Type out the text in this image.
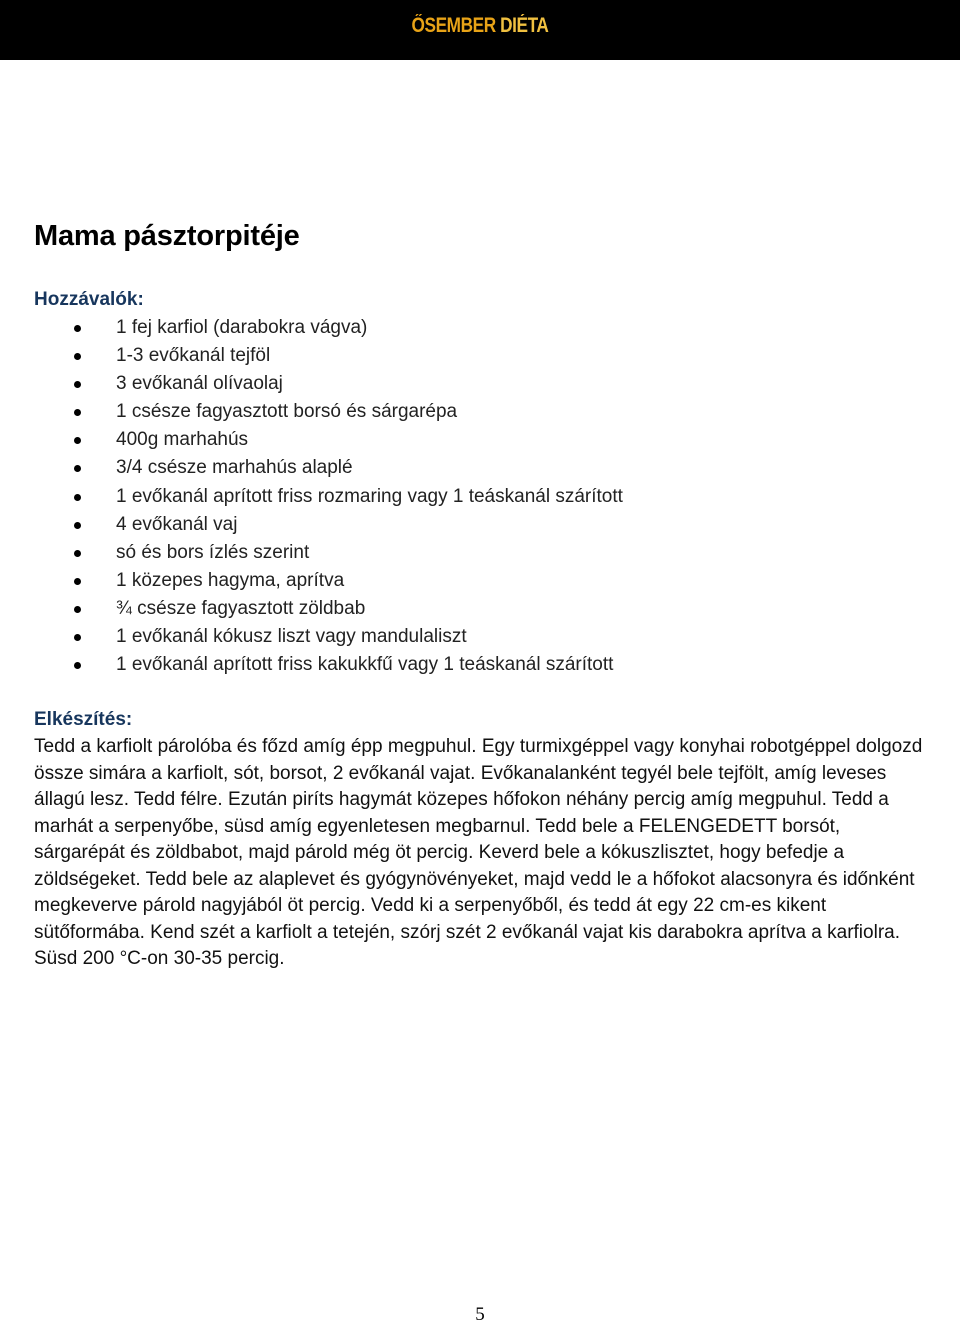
ŐSEMBER DIÉTA
Mama pásztorpitéje
Hozzávalók:
1 fej karfiol (darabokra vágva)
1-3 evőkanál tejföl
3 evőkanál olívaolaj
1 csésze fagyasztott borsó és sárgarépa
400g marhahús
3/4 csésze marhahús alaplé
1 evőkanál aprított friss rozmaring vagy 1 teáskanál szárított
4 evőkanál vaj
só és bors ízlés szerint
1 közepes hagyma, aprítva
¾ csésze fagyasztott zöldbab
1 evőkanál kókusz liszt vagy mandulaliszt
1 evőkanál aprított friss kakukkfű vagy 1 teáskanál szárított
Elkészítés:

Tedd a karfiolt párolóba és főzd amíg épp megpuhul. Egy turmixgéppel vagy konyhai robotgéppel dolgozd össze simára a karfiolt, sót, borsot, 2 evőkanál vajat. Evőkanalanként tegyél bele tejfölt, amíg leveses állagú lesz. Tedd félre. Ezután piríts hagymát közepes hőfokon néhány percig amíg megpuhul. Tedd a marhát a serpenyőbe, süsd amíg egyenletesen megbarnul. Tedd bele a FELENGEDETT borsót, sárgarépát és zöldbabot, majd párold még öt percig. Keverd bele a kókuszlisztet, hogy befedje a zöldségeket. Tedd bele az alaplevet és gyógynövényeket, majd vedd le a hőfokot alacsonyra és időnként megkeverve párold nagyjából öt percig. Vedd ki a serpenyőből, és tedd át egy 22 cm-es kikent sütőformába. Kend szét a karfiolt a tetején, szórj szét 2 evőkanál vajat kis darabokra aprítva a karfiolra. Süsd 200 °C-on 30-35 percig.

5
